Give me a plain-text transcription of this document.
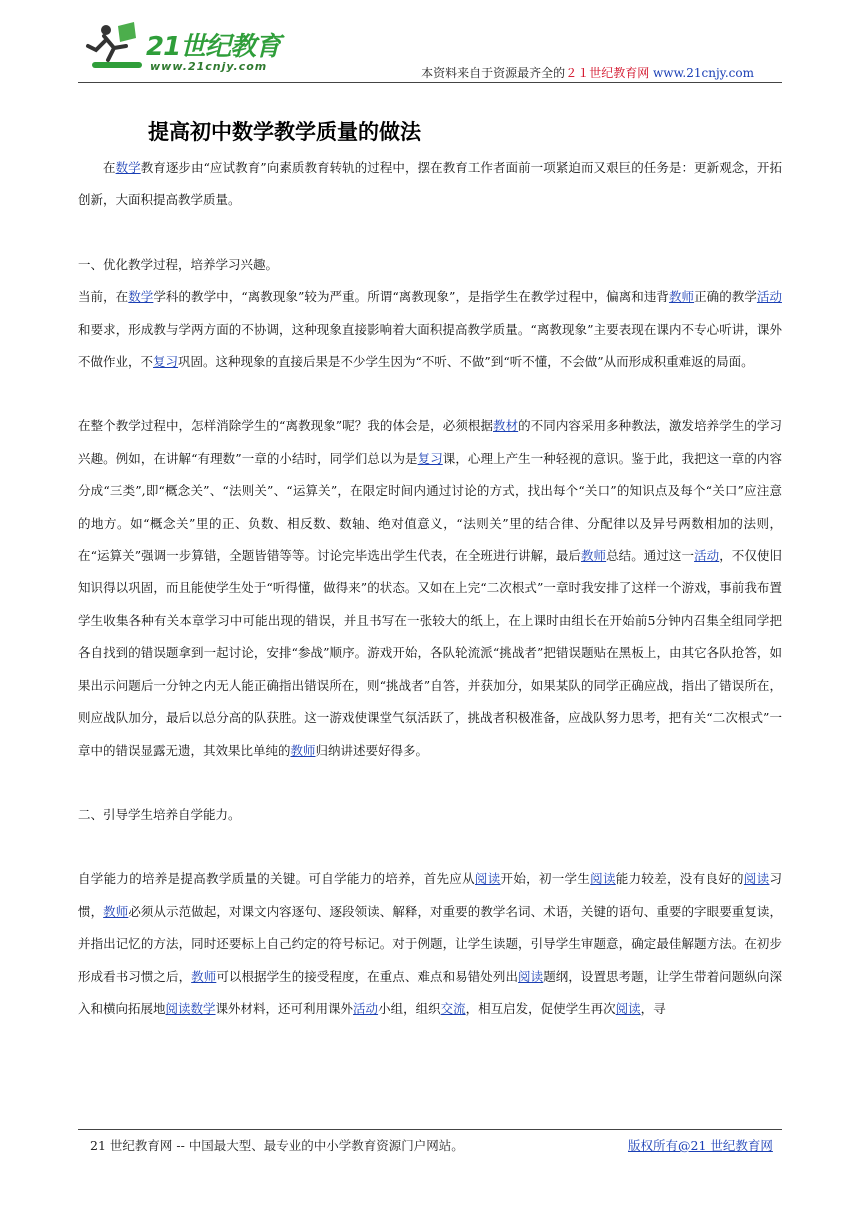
21世纪教育
www.21cnjy.com	本资料来自于资源最齐全的２１世纪教育网 www.21cnjy.com
提高初中数学教学质量的做法

在数学教育逐步由“应试教育”向素质教育转轨的过程中，摆在教育工作者面前一项紧迫而又艰巨的任务是：更新观念，开拓创新，大面积提高教学质量。

一、优化教学过程，培养学习兴趣。

当前，在数学学科的教学中，“离教现象”较为严重。所谓“离教现象”，是指学生在教学过程中，偏离和违背教师正确的教学活动和要求，形成教与学两方面的不协调，这种现象直接影响着大面积提高教学质量。“离教现象”主要表现在课内不专心听讲，课外不做作业，不复习巩固。这种现象的直接后果是不少学生因为“不听、不做”到“听不懂，不会做”从而形成积重难返的局面。

在整个教学过程中，怎样消除学生的“离教现象”呢？我的体会是，必须根据教材的不同内容采用多种教法，激发培养学生的学习兴趣。例如，在讲解“有理数”一章的小结时，同学们总以为是复习课，心理上产生一种轻视的意识。鉴于此，我把这一章的内容分成“三类”,即“概念关”、“法则关”、“运算关”，在限定时间内通过讨论的方式，找出每个“关口”的知识点及每个“关口”应注意的地方。如“概念关”里的正、负数、相反数、数轴、绝对值意义，“法则关”里的结合律、分配律以及异号两数相加的法则，在“运算关”强调一步算错，全题皆错等等。讨论完毕选出学生代表，在全班进行讲解，最后教师总结。通过这一活动，不仅使旧知识得以巩固，而且能使学生处于“听得懂，做得来”的状态。又如在上完“二次根式”一章时我安排了这样一个游戏，事前我布置学生收集各种有关本章学习中可能出现的错误，并且书写在一张较大的纸上，在上课时由组长在开始前5分钟内召集全组同学把各自找到的错误题拿到一起讨论，安排“参战”顺序。游戏开始，各队轮流派“挑战者”把错误题贴在黑板上，由其它各队抢答，如果出示问题后一分钟之内无人能正确指出错误所在，则“挑战者”自答，并获加分，如果某队的同学正确应战，指出了错误所在，则应战队加分，最后以总分高的队获胜。这一游戏使课堂气氛活跃了，挑战者积极准备，应战队努力思考，把有关“二次根式”一章中的错误显露无遗，其效果比单纯的教师归纳讲述要好得多。

二、引导学生培养自学能力。

自学能力的培养是提高教学质量的关键。可自学能力的培养，首先应从阅读开始，初一学生阅读能力较差，没有良好的阅读习惯，教师必须从示范做起，对课文内容逐句、逐段领读、解释，对重要的教学名词、术语，关键的语句、重要的字眼要重复读，并指出记忆的方法，同时还要标上自己约定的符号标记。对于例题，让学生读题，引导学生审题意，确定最佳解题方法。在初步形成看书习惯之后，教师可以根据学生的接受程度，在重点、难点和易错处列出阅读题纲，设置思考题，让学生带着问题纵向深入和横向拓展地阅读数学课外材料，还可利用课外活动小组，组织交流，相互启发，促使学生再次阅读，寻

21 世纪教育网 -- 中国最大型、最专业的中小学教育资源门户网站。	版权所有@21 世纪教育网
